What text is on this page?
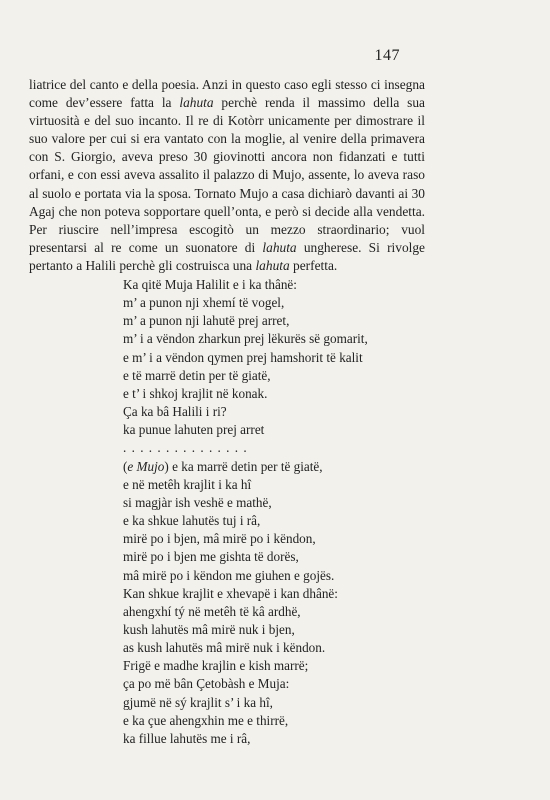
147

liatrice del canto e della poesia. Anzi in questo caso egli stesso ci insegna come dev’essere fatta la lahuta perchè renda il massimo della sua virtuosità e del suo incanto. Il re di Kotòrr unicamente per dimostrare il suo valore per cui si era vantato con la moglie, al venire della primavera con S. Giorgio, aveva preso 30 giovinotti ancora non fidanzati e tutti orfani, e con essi aveva assalito il palazzo di Mujo, assente, lo aveva raso al suolo e portata via la sposa. Tornato Mujo a casa dichiarò davanti ai 30 Agaj che non poteva sopportare quell’onta, e però si decide alla vendetta. Per riuscire nell’impresa escogitò un mezzo straordinario; vuol presentarsi al re come un suonatore di lahuta ungherese. Si rivolge pertanto a Halili perchè gli costruisca una lahuta perfetta.

Ka qitë Muja Halilit e i ka thânë:
m’ a punon nji xhemí të vogel,
m’ a punon nji lahutë prej arret,
m’ i a vëndon zharkun prej lëkurës së gomarit,
e m’ i a vëndon qymen prej hamshorit të kalit
e të marrë detin per të giatë,
e t’ i shkoj krajlit në konak.
Ça ka bâ Halili i ri?
ka punue lahuten prej arret
. . . . . . . . . . . . . . .
(e Mujo) e ka marrë detin per të giatë,
e në metêh krajlit i ka hî
si magjàr ish veshë e mathë,
e ka shkue lahutës tuj i râ,
mirë po i bjen, mâ mirë po i këndon,
mirë po i bjen me gishta të dorës,
mâ mirë po i këndon me giuhen e gojës.
Kan shkue krajlit e xhevapë i kan dhânë:
ahengxhí tý në metêh të kâ ardhë,
kush lahutës mâ mirë nuk i bjen,
as kush lahutës mâ mirë nuk i këndon.
Frigë e madhe krajlin e kish marrë;
ça po më bân Çetobàsh e Muja:
gjumë në sý krajlit s’ i ka hî,
e ka çue ahengxhin me e thirrë,
ka fillue lahutës me i râ,
